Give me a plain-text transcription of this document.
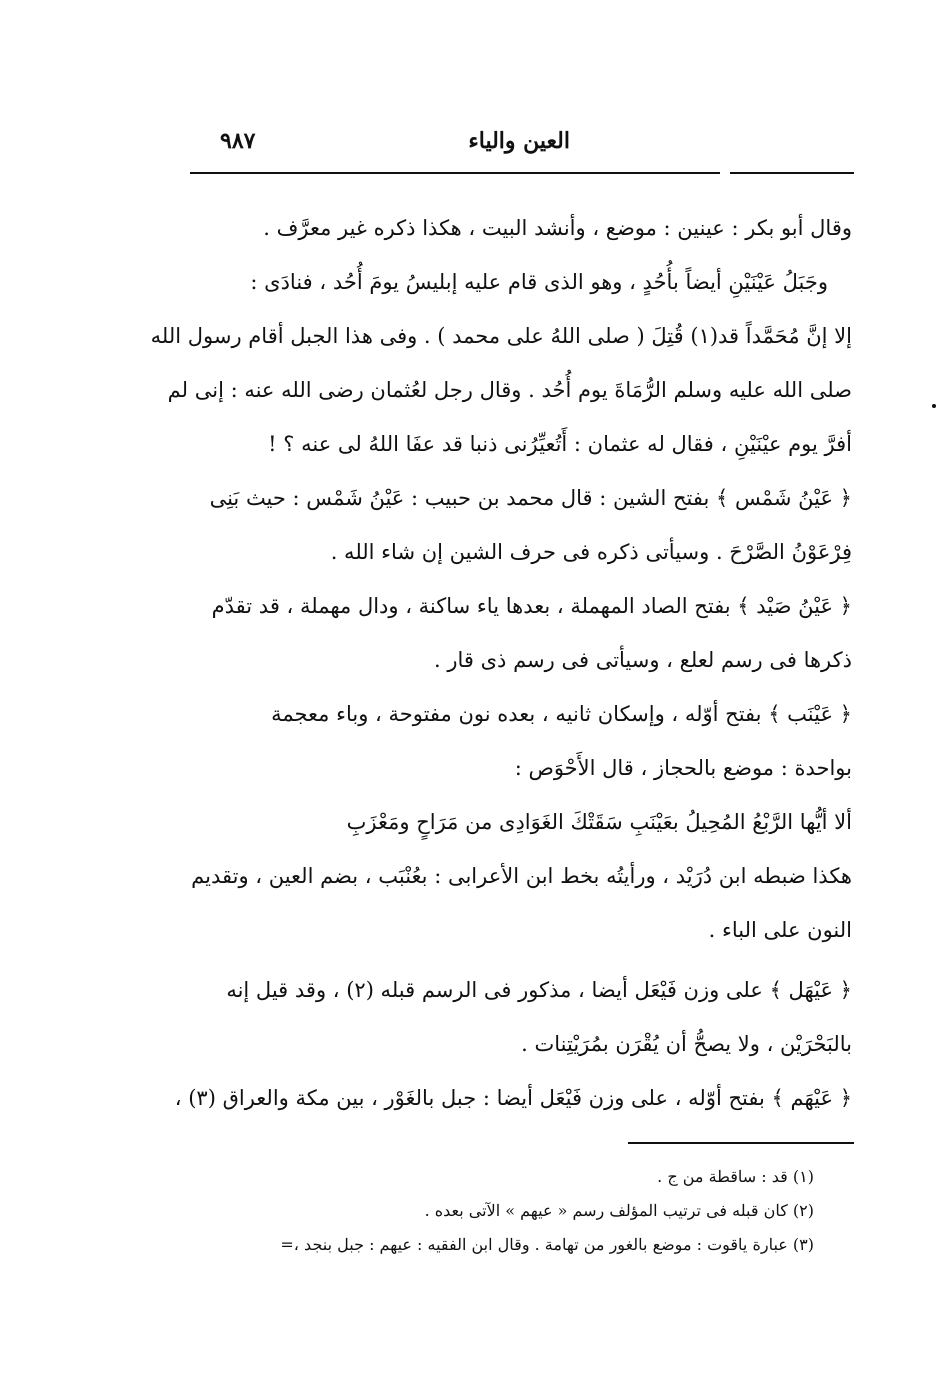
العين والياء
٩٨٧
وقال أبو بكر : عينين : موضع ، وأنشد البيت ، هكذا ذكره غير معرَّف .
وجَبَلُ عَيْنَيْنِ أيضاً بأُحُدٍ ، وهو الذى قام عليه إبليسُ يومَ أُحُد ، فنادَى :
إلا إنَّ مُحَمَّداً قد(١) قُتِلَ ( صلى اللهُ على محمد ) . وفى هذا الجبل أقام رسول الله
صلى الله عليه وسلم الرُّمَاةَ يوم أُحُد . وقال رجل لعُثمان رضى الله عنه : إنى لم
أفرَّ يوم عيْنَيْنِ ، فقال له عثمان : أَتُعيِّرُنى ذنبا قد عفَا اللهُ لى عنه ؟ !
﴿ عَيْنُ شَمْس ﴾ بفتح الشين : قال محمد بن حبيب : عَيْنُ شَمْس : حيث بَنِى
فِرْعَوْنُ الصَّرْحَ . وسيأتى ذكره فى حرف الشين إن شاء الله .
﴿ عَيْنُ صَيْد ﴾ بفتح الصاد المهملة ، بعدها ياء ساكنة ، ودال مهملة ، قد تقدّم
ذكرها فى رسم لعلع ، وسيأتى فى رسم ذى قار .
﴿ عَيْنَب ﴾ بفتح أوّله ، وإسكان ثانيه ، بعده نون مفتوحة ، وباء معجمة
بواحدة : موضع بالحجاز ، قال الأَحْوَص :
ألا أيُّها الرَّبْعُ المُحِيلُ بعَيْنَبِ سَقَتْكَ الغَوَادِى من مَرَاحٍ ومَعْزَبِ
هكذا ضبطه ابن دُرَيْد ، ورأيتُه بخط ابن الأعرابى : بعُنْبَب ، بضم العين ، وتقديم
النون على الباء .
﴿ عَيْهَل ﴾ على وزن فَيْعَل أيضا ، مذكور فى الرسم قبله (٢) ، وقد قيل إنه
بالبَحْرَيْن ، ولا يصحُّ أن يُقْرَن بمُرَيْتِنات .
﴿ عَيْهَم ﴾ بفتح أوّله ، على وزن فَيْعَل أيضا : جبل بالغَوْر ، بين مكة والعراق (٣) ،
(١) قد : ساقطة من ج .
(٢) كان قبله فى ترتيب المؤلف رسم « عيهم » الآتى بعده .
(٣) عبارة ياقوت : موضع بالغور من تهامة . وقال ابن الفقيه : عيهم : جبل بنجد ،=
